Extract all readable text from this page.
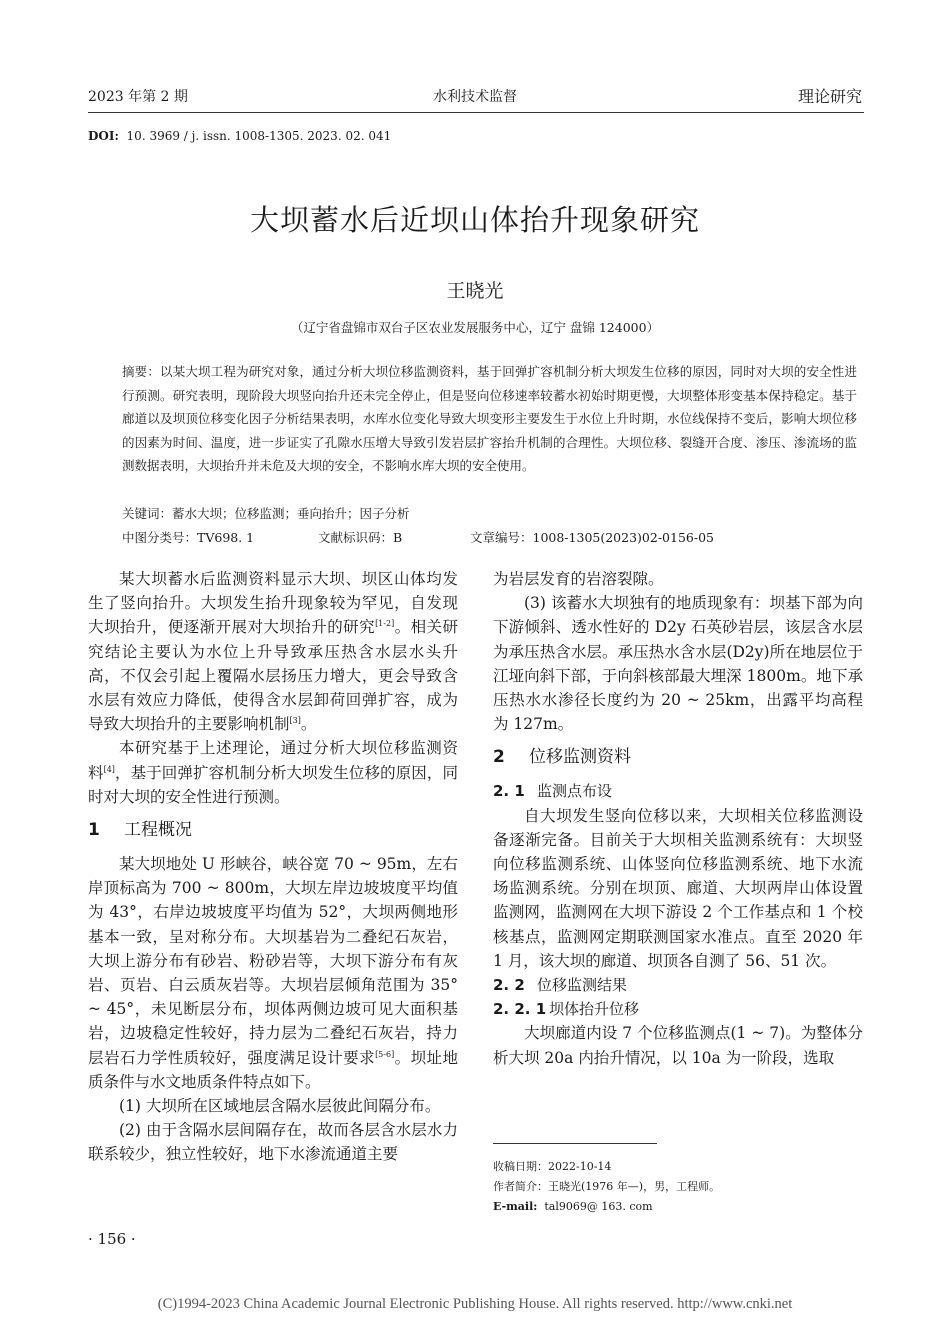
2023 年第 2 期	水利技术监督	理论研究
DOI: 10. 3969 / j. issn. 1008-1305. 2023. 02. 041
大坝蓄水后近坝山体抬升现象研究
王晓光
（辽宁省盘锦市双台子区农业发展服务中心，辽宁 盘锦 124000）

摘要：以某大坝工程为研究对象，通过分析大坝位移监测资料，基于回弹扩容机制分析大坝发生位移的原因，同时对大坝的安全性进行预测。研究表明，现阶段大坝竖向抬升还未完全停止，但是竖向位移速率较蓄水初始时期更慢，大坝整体形变基本保持稳定。基于廊道以及坝顶位移变化因子分析结果表明，水库水位变化导致大坝变形主要发生于水位上升时期，水位线保持不变后，影响大坝位移的因素为时间、温度，进一步证实了孔隙水压增大导致引发岩层扩容抬升机制的合理性。大坝位移、裂缝开合度、渗压、渗流场的监测数据表明，大坝抬升并未危及大坝的安全，不影响水库大坝的安全使用。

关键词：蓄水大坝；位移监测；垂向抬升；因子分析
中图分类号：TV698. 1	文献标识码：B	文章编号：1008-1305(2023)02-0156-05

某大坝蓄水后监测资料显示大坝、坝区山体均发生了竖向抬升。大坝发生抬升现象较为罕见，自发现大坝抬升，便逐渐开展对大坝抬升的研究[1-2]。相关研究结论主要认为水位上升导致承压热含水层水头升高，不仅会引起上覆隔水层扬压力增大，更会导致含水层有效应力降低，使得含水层卸荷回弹扩容，成为导致大坝抬升的主要影响机制[3]。

本研究基于上述理论，通过分析大坝位移监测资料[4]，基于回弹扩容机制分析大坝发生位移的原因，同时对大坝的安全性进行预测。

1 工程概况

某大坝地处 U 形峡谷，峡谷宽 70 ~ 95m，左右岸顶标高为 700 ~ 800m，大坝左岸边坡坡度平均值为 43°，右岸边坡坡度平均值为 52°，大坝两侧地形基本一致，呈对称分布。大坝基岩为二叠纪石灰岩，大坝上游分布有砂岩、粉砂岩等，大坝下游分布有灰岩、页岩、白云质灰岩等。大坝岩层倾角范围为 35° ~ 45°，未见断层分布，坝体两侧边坡可见大面积基岩，边坡稳定性较好，持力层为二叠纪石灰岩，持力层岩石力学性质较好，强度满足设计要求[5-6]。坝址地质条件与水文地质条件特点如下。

(1) 大坝所在区域地层含隔水层彼此间隔分布。

(2) 由于含隔水层间隔存在，故而各层含水层水力联系较少，独立性较好，地下水渗流通道主要

为岩层发育的岩溶裂隙。

(3) 该蓄水大坝独有的地质现象有：坝基下部为向下游倾斜、透水性好的 D2y 石英砂岩层，该层含水层为承压热含水层。承压热水含水层(D2y)所在地层位于江垭向斜下部，于向斜核部最大埋深 1800m。地下承压热水水渗径长度约为 20 ~ 25km，出露平均高程为 127m。

2 位移监测资料
2. 1 监测点布设

自大坝发生竖向位移以来，大坝相关位移监测设备逐渐完备。目前关于大坝相关监测系统有：大坝竖向位移监测系统、山体竖向位移监测系统、地下水流场监测系统。分别在坝顶、廊道、大坝两岸山体设置监测网，监测网在大坝下游设 2 个工作基点和 1 个校核基点，监测网定期联测国家水准点。直至 2020 年 1 月，该大坝的廊道、坝顶各自测了 56、51 次。

2. 2 位移监测结果
2. 2. 1 坝体抬升位移

大坝廊道内设 7 个位移监测点(1 ~ 7)。为整体分析大坝 20a 内抬升情况，以 10a 为一阶段，选取

收稿日期：2022-10-14
作者简介：王晓光(1976 年—)，男，工程师。
E-mail: tal9069@ 163. com
· 156 ·
(C)1994-2023 China Academic Journal Electronic Publishing House. All rights reserved. http://www.cnki.net
